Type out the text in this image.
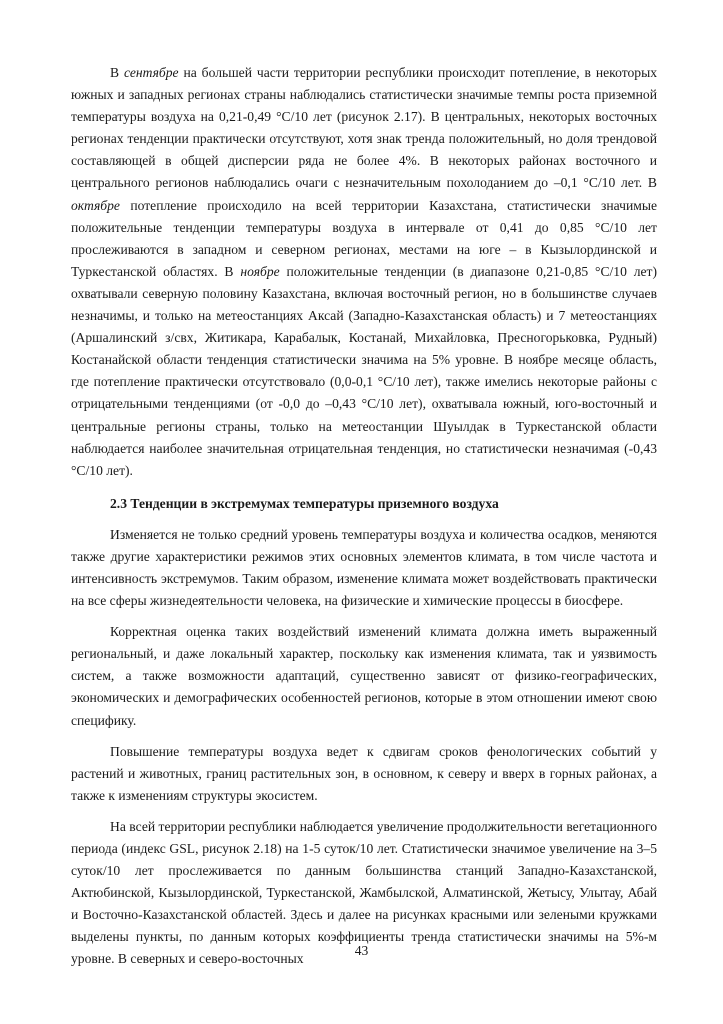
В сентябре на большей части территории республики происходит потепление, в некоторых южных и западных регионах страны наблюдались статистически значимые темпы роста приземной температуры воздуха на 0,21-0,49 °С/10 лет (рисунок 2.17). В центральных, некоторых восточных регионах тенденции практически отсутствуют, хотя знак тренда положительный, но доля трендовой составляющей в общей дисперсии ряда не более 4%. В некоторых районах восточного и центрального регионов наблюдались очаги с незначительным похолоданием до –0,1 °С/10 лет. В октябре потепление происходило на всей территории Казахстана, статистически значимые положительные тенденции температуры воздуха в интервале от 0,41 до 0,85 °С/10 лет прослеживаются в западном и северном регионах, местами на юге – в Кызылординской и Туркестанской областях. В ноябре положительные тенденции (в диапазоне 0,21-0,85 °С/10 лет) охватывали северную половину Казахстана, включая восточный регион, но в большинстве случаев незначимы, и только на метеостанциях Аксай (Западно-Казахстанская область) и 7 метеостанциях (Аршалинский з/свх, Житикара, Карабалык, Костанай, Михайловка, Пресногорьковка, Рудный) Костанайской области тенденция статистически значима на 5% уровне. В ноябре месяце область, где потепление практически отсутствовало (0,0-0,1 °С/10 лет), также имелись некоторые районы с отрицательными тенденциями (от -0,0 до –0,43 °С/10 лет), охватывала южный, юго-восточный и центральные регионы страны, только на метеостанции Шуылдак в Туркестанской области наблюдается наиболее значительная отрицательная тенденция, но статистически незначимая (-0,43 °С/10 лет).

2.3 Тенденции в экстремумах температуры приземного воздуха

Изменяется не только средний уровень температуры воздуха и количества осадков, меняются также другие характеристики режимов этих основных элементов климата, в том числе частота и интенсивность экстремумов. Таким образом, изменение климата может воздействовать практически на все сферы жизнедеятельности человека, на физические и химические процессы в биосфере.

Корректная оценка таких воздействий изменений климата должна иметь выраженный региональный, и даже локальный характер, поскольку как изменения климата, так и уязвимость систем, а также возможности адаптаций, существенно зависят от физико-географических, экономических и демографических особенностей регионов, которые в этом отношении имеют свою специфику.

Повышение температуры воздуха ведет к сдвигам сроков фенологических событий у растений и животных, границ растительных зон, в основном, к северу и вверх в горных районах, а также к изменениям структуры экосистем.

На всей территории республики наблюдается увеличение продолжительности вегетационного периода (индекс GSL, рисунок 2.18) на 1-5 суток/10 лет. Статистически значимое увеличение на 3–5 суток/10 лет прослеживается по данным большинства станций Западно-Казахстанской, Актюбинской, Кызылординской, Туркестанской, Жамбылской, Алматинской, Жетысу, Улытау, Абай и Восточно-Казахстанской областей. Здесь и далее на рисунках красными или зелеными кружками выделены пункты, по данным которых коэффициенты тренда статистически значимы на 5%-м уровне. В северных и северо-восточных

43
